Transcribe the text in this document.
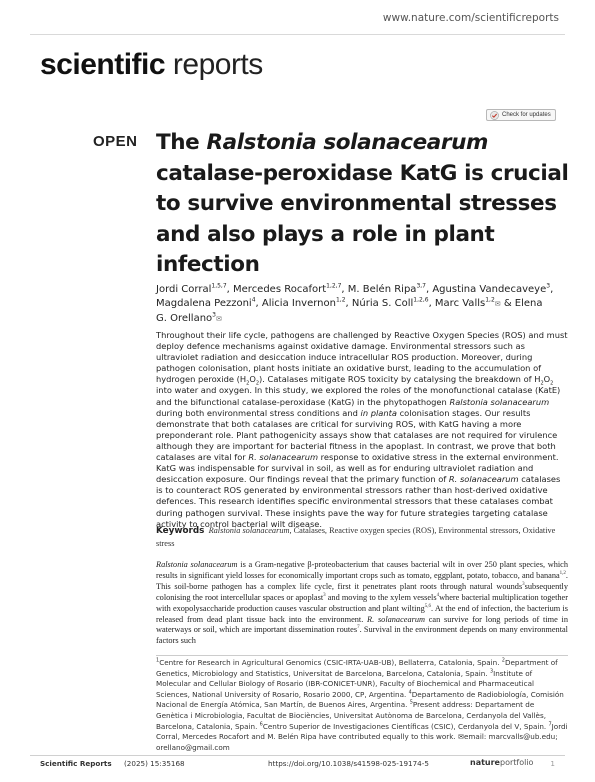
www.nature.com/scientificreports
scientific reports
Check for updates
OPEN The Ralstonia solanacearum catalase-peroxidase KatG is crucial to survive environmental stresses and also plays a role in plant infection
Jordi Corral$^{1,5,7}$, Mercedes Rocafort$^{1,2,7}$, M. Belén Ripa$^{3,7}$, Agustina Vandecaveye$^3$, Magdalena Pezzoni$^4$, Alicia Invernon$^{1,2}$, Núria S. Coll$^{1,2,6}$, Marc Valls$^{1,2}$✉ & Elena G. Orellano$^3$✉

Throughout their life cycle, pathogens are challenged by Reactive Oxygen Species (ROS) and must deploy defence mechanisms against oxidative damage. Environmental stressors such as ultraviolet radiation and desiccation induce intracellular ROS production. Moreover, during pathogen colonisation, plant hosts initiate an oxidative burst, leading to the accumulation of hydrogen peroxide $(H_2O_2)$. Catalases mitigate ROS toxicity by catalysing the breakdown of $H_2O_2$ into water and oxygen. In this study, we explored the roles of the monofunctional catalase (KatE) and the bifunctional catalase-peroxidase (KatG) in the phytopathogen Ralstonia solanacearum during both environmental stress conditions and in planta colonisation stages. Our results demonstrate that both catalases are critical for surviving ROS, with KatG having a more preponderant role. Plant pathogenicity assays show that catalases are not required for virulence although they are important for bacterial fitness in the apoplast. In contrast, we prove that both catalases are vital for R. solanacearum response to oxidative stress in the external environment. KatG was indispensable for survival in soil, as well as for enduring ultraviolet radiation and desiccation exposure. Our findings reveal that the primary function of R. solanacearum catalases is to counteract ROS generated by environmental stressors rather than host-derived oxidative defences. This research identifies specific environmental stressors that these catalases combat during pathogen survival. These insights pave the way for future strategies targeting catalase activity to control bacterial wilt disease.

Keywords Ralstonia solanacearum, Catalases, Reactive oxygen species (ROS), Environmental stressors, Oxidative stress

Ralstonia solanacearum is a Gram-negative β-proteobacterium that causes bacterial wilt in over 250 plant species, which results in significant yield losses for economically important crops such as tomato, eggplant, potato, tobacco, and banana$^{1,2}$. This soil-borne pathogen has a complex life cycle, first it penetrates plant roots through natural wounds$^3$subsequently colonising the root intercellular spaces or apoplast$^3$ and moving to the xylem vessels$^4$where bacterial multiplication together with exopolysaccharide production causes vascular obstruction and plant wilting$^{5,6}$. At the end of infection, the bacterium is released from dead plant tissue back into the environment. R. solanacearum can survive for long periods of time in waterways or soil, which are important dissemination routes$^7$. Survival in the environment depends on many environmental factors such

$^1$Centre for Research in Agricultural Genomics (CSIC-IRTA-UAB-UB), Bellaterra, Catalonia, Spain. $^2$Department of Genetics, Microbiology and Statistics, Universitat de Barcelona, Barcelona, Catalonia, Spain. $^3$Institute of Molecular and Cellular Biology of Rosario (IBR-CONICET-UNR), Faculty of Biochemical and Pharmaceutical Sciences, National University of Rosario, Rosario 2000, CP, Argentina. $^4$Departamento de Radiobiología, Comisión Nacional de Energía Atómica, San Martín, de Buenos Aires, Argentina. $^5$Present address: Departament de Genètica i Microbiologia, Facultat de Biociències, Universitat Autònoma de Barcelona, Cerdanyola del Vallès, Barcelona, Catalonia, Spain. $^6$Centro Superior de Investigaciones Científicas (CSIC), Cerdanyola del V, Spain. $^7$Jordi Corral, Mercedes Rocafort and M. Belén Ripa have contributed equally to this work. ✉email: marcvalls@ub.edu; orellano@gmail.com

Scientific Reports (2025) 15:35168	https://doi.org/10.1038/s41598-025-19174-5	natureportfolio 1
